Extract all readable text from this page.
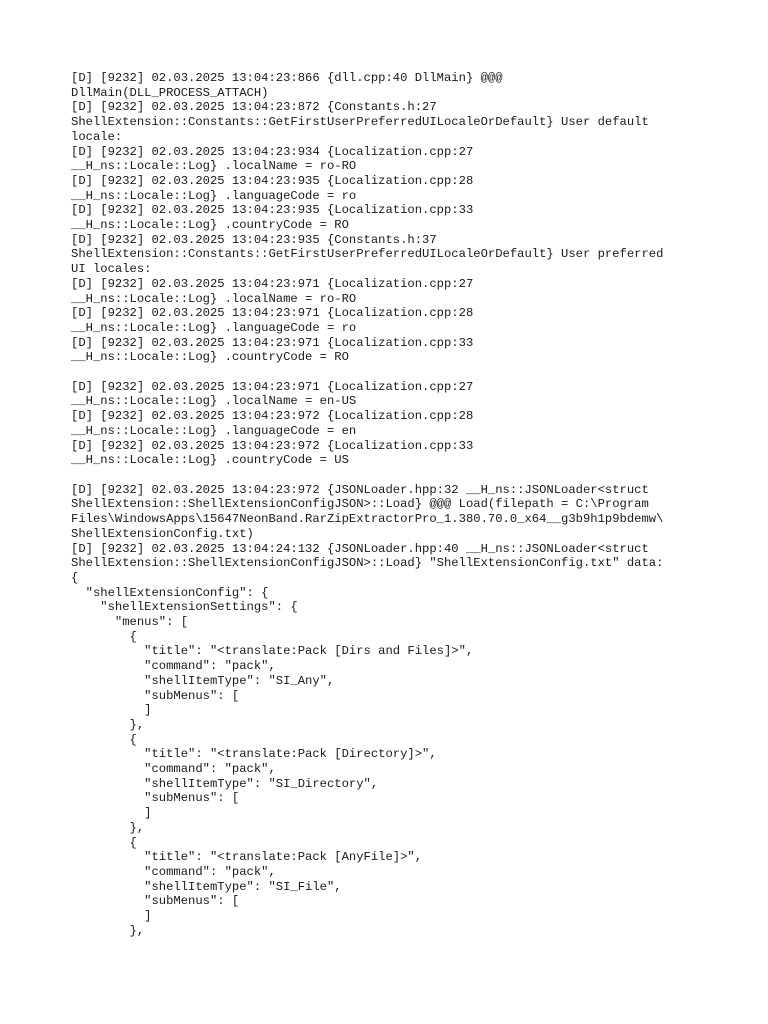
[D] [9232] 02.03.2025 13:04:23:866 {dll.cpp:40 DllMain} @@@
DllMain(DLL_PROCESS_ATTACH)
[D] [9232] 02.03.2025 13:04:23:872 {Constants.h:27
ShellExtension::Constants::GetFirstUserPreferredUILocaleOrDefault} User default
locale:
[D] [9232] 02.03.2025 13:04:23:934 {Localization.cpp:27
__H_ns::Locale::Log} .localName = ro-RO
[D] [9232] 02.03.2025 13:04:23:935 {Localization.cpp:28
__H_ns::Locale::Log} .languageCode = ro
[D] [9232] 02.03.2025 13:04:23:935 {Localization.cpp:33
__H_ns::Locale::Log} .countryCode = RO
[D] [9232] 02.03.2025 13:04:23:935 {Constants.h:37
ShellExtension::Constants::GetFirstUserPreferredUILocaleOrDefault} User preferred
UI locales:
[D] [9232] 02.03.2025 13:04:23:971 {Localization.cpp:27
__H_ns::Locale::Log} .localName = ro-RO
[D] [9232] 02.03.2025 13:04:23:971 {Localization.cpp:28
__H_ns::Locale::Log} .languageCode = ro
[D] [9232] 02.03.2025 13:04:23:971 {Localization.cpp:33
__H_ns::Locale::Log} .countryCode = RO

[D] [9232] 02.03.2025 13:04:23:971 {Localization.cpp:27
__H_ns::Locale::Log} .localName = en-US
[D] [9232] 02.03.2025 13:04:23:972 {Localization.cpp:28
__H_ns::Locale::Log} .languageCode = en
[D] [9232] 02.03.2025 13:04:23:972 {Localization.cpp:33
__H_ns::Locale::Log} .countryCode = US

[D] [9232] 02.03.2025 13:04:23:972 {JSONLoader.hpp:32 __H_ns::JSONLoader<struct
ShellExtension::ShellExtensionConfigJSON>::Load} @@@ Load(filepath = C:\Program
Files\WindowsApps\15647NeonBand.RarZipExtractorPro_1.380.70.0_x64__g3b9h1p9bdemw\
ShellExtensionConfig.txt)
[D] [9232] 02.03.2025 13:04:24:132 {JSONLoader.hpp:40 __H_ns::JSONLoader<struct
ShellExtension::ShellExtensionConfigJSON>::Load} "ShellExtensionConfig.txt" data:
{
"shellExtensionConfig": {
"shellExtensionSettings": {
"menus": [
{
"title": "<translate:Pack [Dirs and Files]>",
"command": "pack",
"shellItemType": "SI_Any",
"subMenus": [
]
},
{
"title": "<translate:Pack [Directory]>",
"command": "pack",
"shellItemType": "SI_Directory",
"subMenus": [
]
},
{
"title": "<translate:Pack [AnyFile]>",
"command": "pack",
"shellItemType": "SI_File",
"subMenus": [
]
},
